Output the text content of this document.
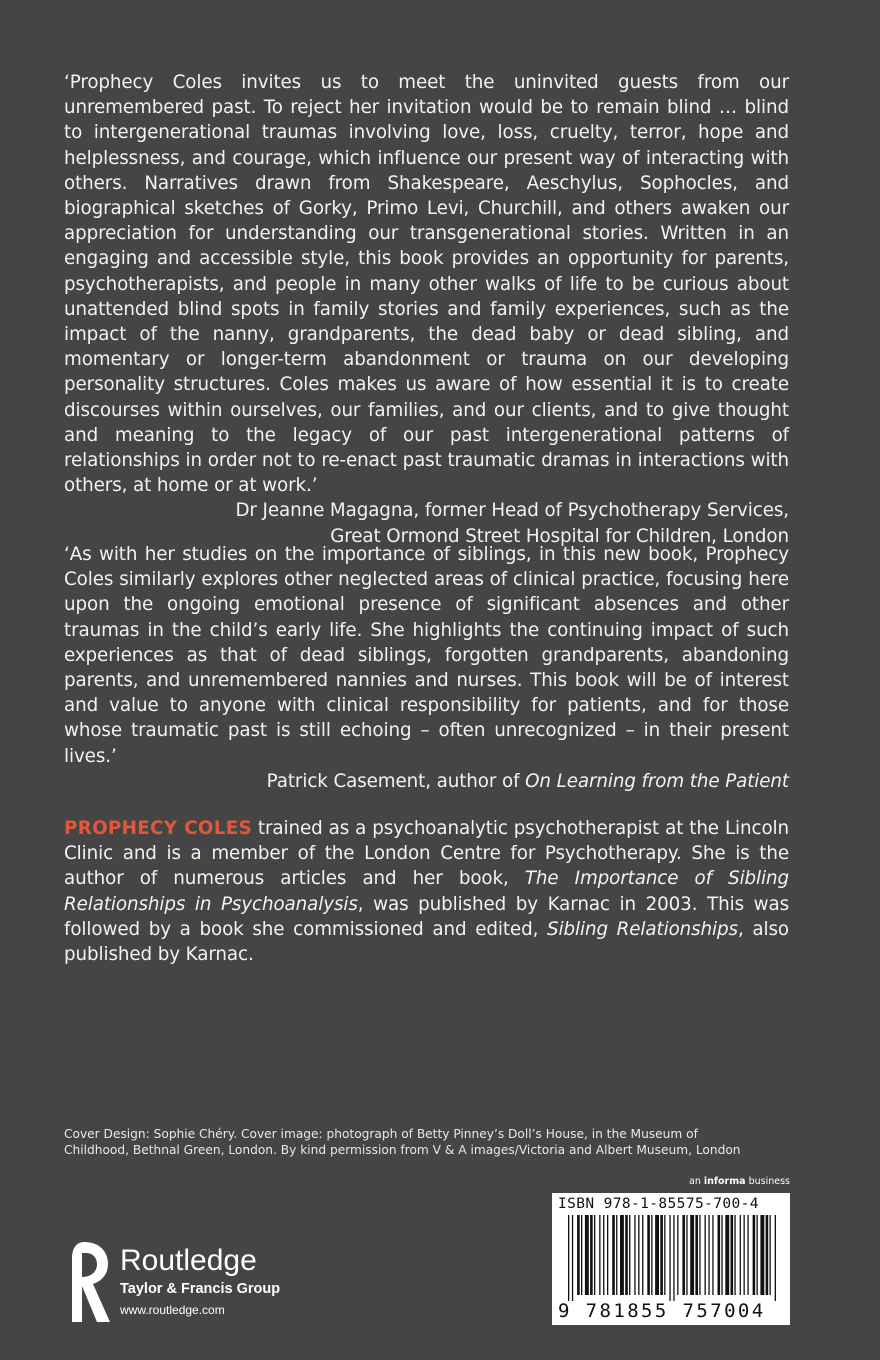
‘Prophecy Coles invites us to meet the uninvited guests from our unremembered past. To reject her invitation would be to remain blind … blind to intergenerational traumas involving love, loss, cruelty, terror, hope and helplessness, and courage, which influence our present way of interacting with others. Narratives drawn from Shakespeare, Aeschylus, Sophocles, and biographical sketches of Gorky, Primo Levi, Churchill, and others awaken our appreciation for understanding our transgenerational stories. Written in an engaging and accessible style, this book provides an opportunity for parents, psychotherapists, and people in many other walks of life to be curious about unattended blind spots in family stories and family experiences, such as the impact of the nanny, grandparents, the dead baby or dead sibling, and momentary or longer-term abandonment or trauma on our developing personality structures. Coles makes us aware of how essential it is to create discourses within ourselves, our families, and our clients, and to give thought and meaning to the legacy of our past intergenerational patterns of relationships in order not to re-enact past traumatic dramas in interactions with others, at home or at work.’

Dr Jeanne Magagna, former Head of Psychotherapy Services,

Great Ormond Street Hospital for Children, London

‘As with her studies on the importance of siblings, in this new book, Prophecy Coles similarly explores other neglected areas of clinical practice, focusing here upon the ongoing emotional presence of significant absences and other traumas in the child’s early life. She highlights the continuing impact of such experiences as that of dead siblings, forgotten grandparents, abandoning parents, and unremembered nannies and nurses. This book will be of interest and value to anyone with clinical responsibility for patients, and for those whose traumatic past is still echoing – often unrecognized – in their present lives.’

Patrick Casement, author of On Learning from the Patient

PROPHECY COLES trained as a psychoanalytic psychotherapist at the Lincoln Clinic and is a member of the London Centre for Psychotherapy. She is the author of numerous articles and her book, The Importance of Sibling Relationships in Psychoanalysis, was published by Karnac in 2003. This was followed by a book she commissioned and edited, Sibling Relationships, also published by Karnac.

Cover Design: Sophie Chéry. Cover image: photograph of Betty Pinney’s Doll’s House, in the Museum of Childhood, Bethnal Green, London. By kind permission from V & A images/Victoria and Albert Museum, London
an informa business
ISBN 978-1-85575-700-4
9 781855 757004
ROUTLEDGE
Routledge
Taylor & Francis Group
www.routledge.com
